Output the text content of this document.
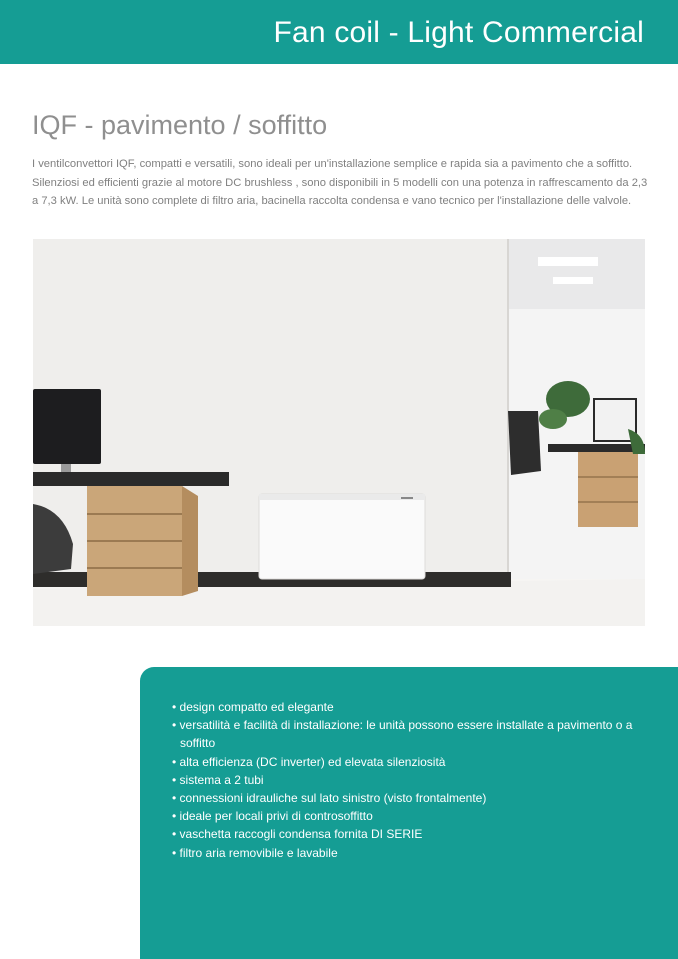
Fan coil - Light Commercial
IQF - pavimento / soffitto
I ventilconvettori IQF, compatti e versatili, sono ideali per un'installazione semplice e rapida sia a pavimento che a soffitto. Silenziosi ed efficienti grazie al motore DC brushless , sono disponibili in 5 modelli con una potenza in raffrescamento da 2,3 a 7,3 kW. Le unità sono complete di filtro aria, bacinella raccolta condensa e vano tecnico per l'installazione delle valvole.
• design compatto ed elegante
• versatilità e facilità di installazione: le unità possono essere installate a pavimento o a soffitto
• alta efficienza (DC inverter) ed elevata silenziosità
• sistema a 2 tubi
• connessioni idrauliche sul lato sinistro (visto frontalmente)
• ideale per locali privi di controsoffitto
• vaschetta raccogli condensa fornita DI SERIE
• filtro aria removibile e lavabile
